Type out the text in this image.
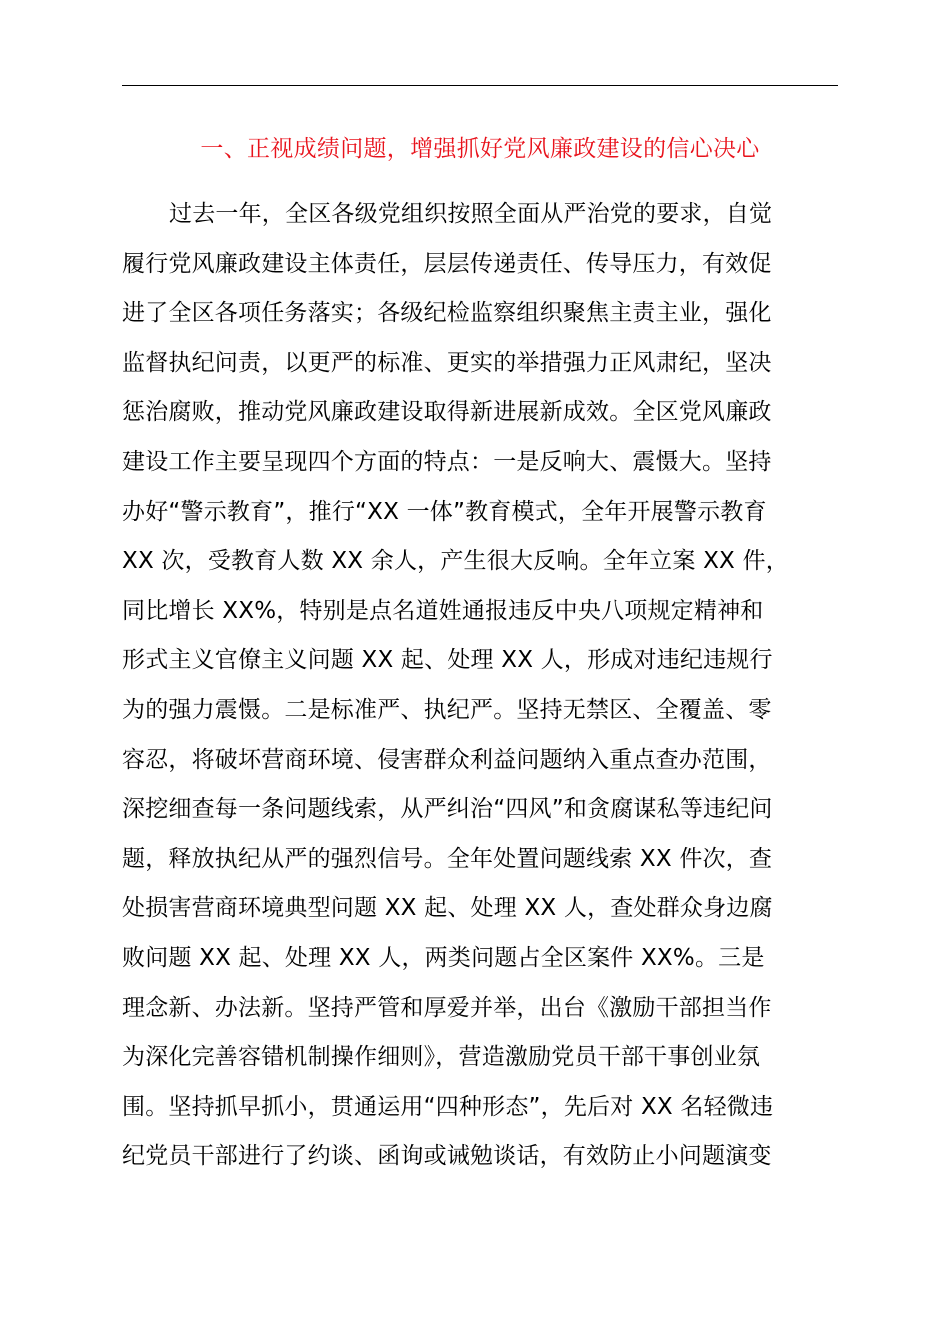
一、正视成绩问题，增强抓好党风廉政建设的信心决心
过去一年，全区各级党组织按照全面从严治党的要求，自觉
履行党风廉政建设主体责任，层层传递责任、传导压力，有效促
进了全区各项任务落实；各级纪检监察组织聚焦主责主业，强化
监督执纪问责，以更严的标准、更实的举措强力正风肃纪，坚决
惩治腐败，推动党风廉政建设取得新进展新成效。全区党风廉政
建设工作主要呈现四个方面的特点：一是反响大、震慑大。坚持
办好“警示教育”，推行“XX 一体”教育模式，全年开展警示教育
XX 次，受教育人数 XX 余人，产生很大反响。全年立案 XX 件，
同比增长 XX%，特别是点名道姓通报违反中央八项规定精神和
形式主义官僚主义问题 XX 起、处理 XX 人，形成对违纪违规行
为的强力震慑。二是标准严、执纪严。坚持无禁区、全覆盖、零
容忍，将破坏营商环境、侵害群众利益问题纳入重点查办范围，
深挖细查每一条问题线索，从严纠治“四风”和贪腐谋私等违纪问
题，释放执纪从严的强烈信号。全年处置问题线索 XX 件次，查
处损害营商环境典型问题 XX 起、处理 XX 人，查处群众身边腐
败问题 XX 起、处理 XX 人，两类问题占全区案件 XX%。三是
理念新、办法新。坚持严管和厚爱并举，出台《激励干部担当作
为深化完善容错机制操作细则》，营造激励党员干部干事创业氛
围。坚持抓早抓小，贯通运用“四种形态”，先后对 XX 名轻微违
纪党员干部进行了约谈、函询或诫勉谈话，有效防止小问题演变
